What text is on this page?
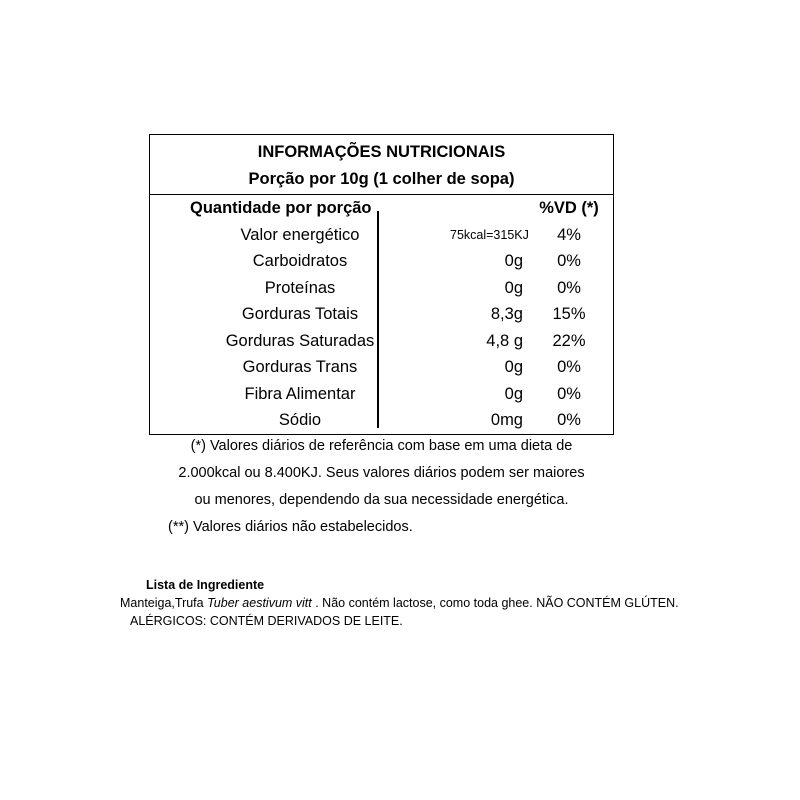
INFORMAÇÕES NUTRICIONAIS
Porção por 10g (1 colher de sopa)
Quantidade por porção	%VD (*)
Valor energético	75kcal=315KJ	4%
Carboidratos	0g	0%
Proteínas	0g	0%
Gorduras Totais	8,3g	15%
Gorduras Saturadas	4,8 g	22%
Gorduras Trans	0g	0%
Fibra Alimentar	0g	0%
Sódio	0mg	0%
(*) Valores diários de referência com base em uma dieta de
2.000kcal ou 8.400KJ. Seus valores diários podem ser maiores
ou menores, dependendo da sua necessidade energética.
(**) Valores diários não estabelecidos.
Lista de Ingrediente
Manteiga,Trufa Tuber aestivum vitt . Não contém lactose, como toda ghee. NÃO CONTÉM GLÚTEN.
ALÉRGICOS: CONTÉM DERIVADOS DE LEITE.
